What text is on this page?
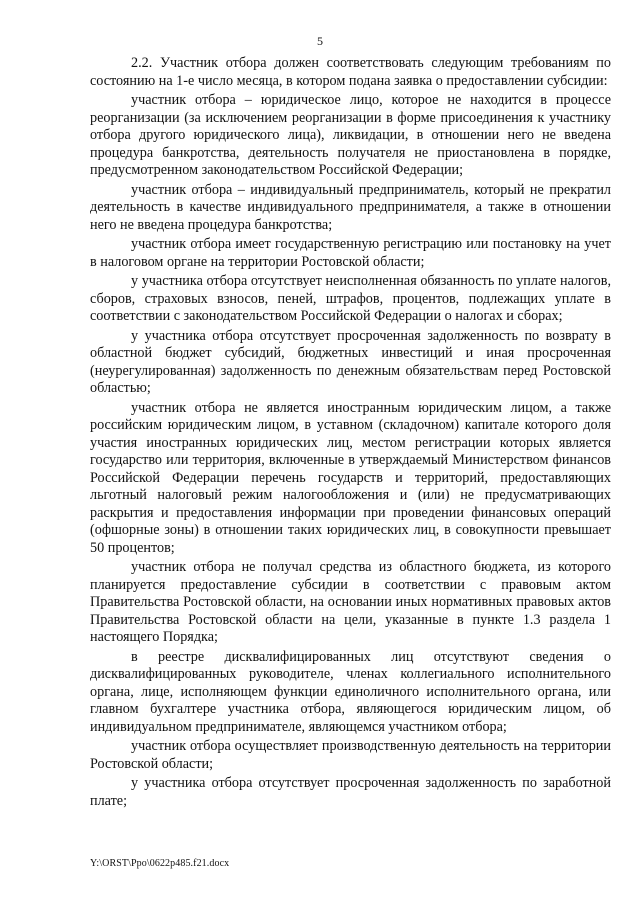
5

2.2. Участник отбора должен соответствовать следующим требованиям по состоянию на 1-е число месяца, в котором подана заявка о предоставлении субсидии:

участник отбора – юридическое лицо, которое не находится в процессе реорганизации (за исключением реорганизации в форме присоединения к участнику отбора другого юридического лица), ликвидации, в отношении него не введена процедура банкротства, деятельность получателя не приостановлена в порядке, предусмотренном законодательством Российской Федерации;

участник отбора – индивидуальный предприниматель, который не прекратил деятельность в качестве индивидуального предпринимателя, а также в отношении него не введена процедура банкротства;

участник отбора имеет государственную регистрацию или постановку на учет в налоговом органе на территории Ростовской области;

у участника отбора отсутствует неисполненная обязанность по уплате налогов, сборов, страховых взносов, пеней, штрафов, процентов, подлежащих уплате в соответствии с законодательством Российской Федерации о налогах и сборах;

у участника отбора отсутствует просроченная задолженность по возврату в областной бюджет субсидий, бюджетных инвестиций и иная просроченная (неурегулированная) задолженность по денежным обязательствам перед Ростовской областью;

участник отбора не является иностранным юридическим лицом, а также российским юридическим лицом, в уставном (складочном) капитале которого доля участия иностранных юридических лиц, местом регистрации которых является государство или территория, включенные в утверждаемый Министерством финансов Российской Федерации перечень государств и территорий, предоставляющих льготный налоговый режим налогообложения и (или) не предусматривающих раскрытия и предоставления информации при проведении финансовых операций (офшорные зоны) в отношении таких юридических лиц, в совокупности превышает 50 процентов;

участник отбора не получал средства из областного бюджета, из которого планируется предоставление субсидии в соответствии с правовым актом Правительства Ростовской области, на основании иных нормативных правовых актов Правительства Ростовской области на цели, указанные в пункте 1.3 раздела 1 настоящего Порядка;

в реестре дисквалифицированных лиц отсутствуют сведения о дисквалифицированных руководителе, членах коллегиального исполнительного органа, лице, исполняющем функции единоличного исполнительного органа, или главном бухгалтере участника отбора, являющегося юридическим лицом, об индивидуальном предпринимателе, являющемся участником отбора;

участник отбора осуществляет производственную деятельность на территории Ростовской области;

у участника отбора отсутствует просроченная задолженность по заработной плате;

Y:\ORST\Ppo\0622p485.f21.docx
